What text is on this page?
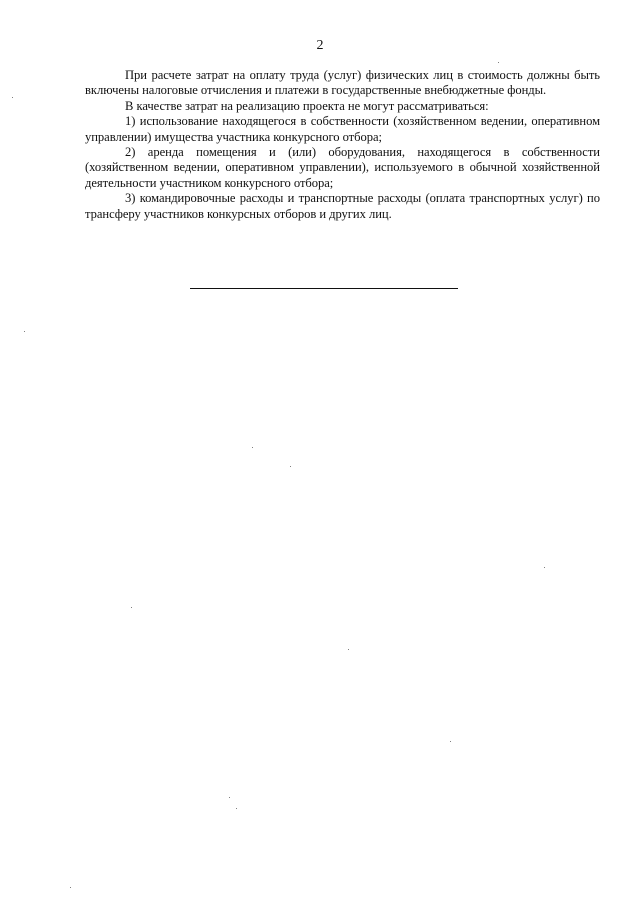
2

При расчете затрат на оплату труда (услуг) физических лиц в стоимость должны быть включены налоговые отчисления и платежи в государственные внебюджетные фонды.

В качестве затрат на реализацию проекта не могут рассматриваться:

1) использование находящегося в собственности (хозяйственном ведении, оперативном управлении) имущества участника конкурсного отбора;

2) аренда помещения и (или) оборудования, находящегося в собственности (хозяйственном ведении, оперативном управлении), используемого в обычной хозяйственной деятельности участником конкурсного отбора;

3) командировочные расходы и транспортные расходы (оплата транспортных услуг) по трансферу участников конкурсных отборов и других лиц.
